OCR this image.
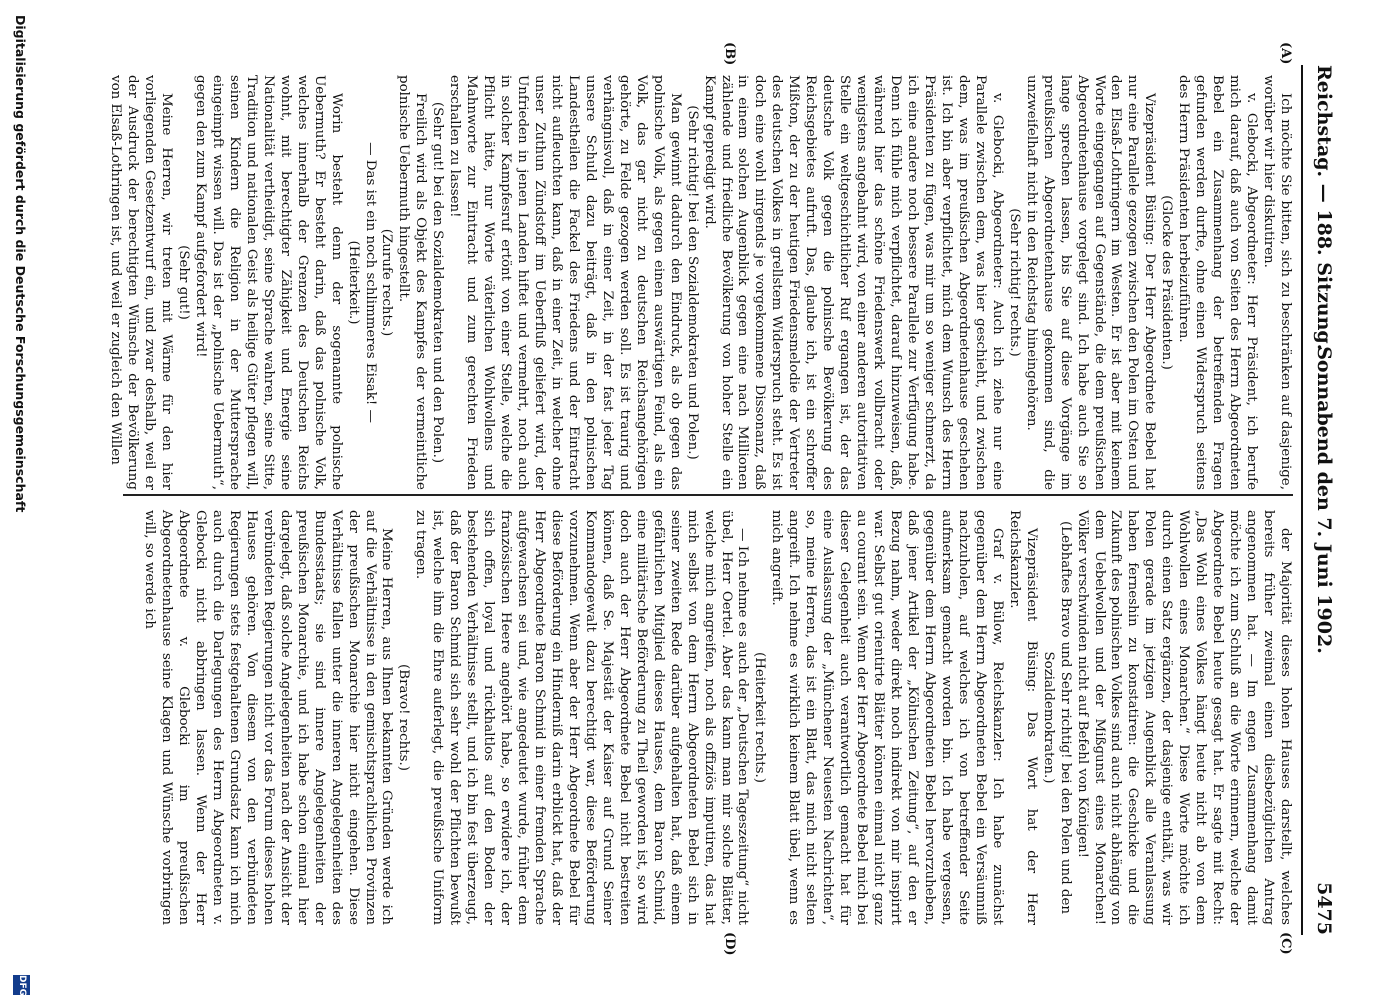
Reichstag. — 188. Sitzung.
Sonnabend den 7. Juni 1902.
5475
(A)
(B)
(C)
(D)

Ich möchte Sie bitten, sich zu beschränken auf dasjenige, worüber wir hier diskutiren.

v. Glebocki, Abgeordneter: Herr Präsident, ich berufe mich darauf, daß auch von Seiten des Herrn Abgeordneten Bebel ein Zusammenhang der betreffenden Fragen gefunden werden durfte, ohne einen Widerspruch seitens des Herrn Präsidenten herbeizuführen.

(Glocke des Präsidenten.)

Vizepräsident Büsing: Der Herr Abgeordnete Bebel hat nur eine Parallele gezogen zwischen den Polen im Osten und den Elsaß-Lothringern im Westen. Er ist aber mit keinem Worte eingegangen auf Gegenstände, die dem preußischen Abgeordnetenhause vorgelegt sind. Ich habe auch Sie so lange sprechen lassen, bis Sie auf diese Vorgänge im preußischen Abgeordnetenhause gekommen sind, die unzweifelhaft nicht in den Reichstag hineingehören.

(Sehr richtig! rechts.)

v. Glebocki, Abgeordneter: Auch ich ziehe nur eine Parallele zwischen dem, was hier geschieht, und zwischen dem, was im preußischen Abgeordnetenhause geschehen ist. Ich bin aber verpflichtet, mich dem Wunsch des Herrn Präsidenten zu fügen, was mir um so weniger schmerzt, da ich eine andere noch bessere Parallele zur Verfügung habe. Denn ich fühle mich verpflichtet, darauf hinzuweisen, daß, während hier das schöne Friedenswerk vollbracht oder wenigstens angebahnt wird, von einer anderen autoritativen Stelle ein weltgeschichtlicher Ruf ergangen ist, der das deutsche Volk gegen die polnische Bevölkerung des Reichsgebietes aufruft. Das, glaube ich, ist ein schroffer Mißton, der zu der heutigen Friedensmelodie der Vertreter des deutschen Volkes in grellstem Widerspruch steht. Es ist doch eine wohl nirgends je vorgekommene Dissonanz, daß in einem solchen Augenblick gegen eine nach Millionen zählende und friedliche Bevölkerung von hoher Stelle ein Kampf gepredigt wird.

(Sehr richtig! bei den Sozialdemokraten und Polen.)

Man gewinnt dadurch den Eindruck, als ob gegen das polnische Volk, als gegen einen auswärtigen Feind, als ein Volk, das gar nicht zu deutschen Reichsangehörigen gehörte, zu Felde gezogen werden soll. Es ist traurig und verhängnisvoll, daß in einer Zeit, in der fast jeder Tag unsere Schuld dazu beiträgt, daß in den polnischen Landestheilen die Fackel des Friedens und der Eintracht nicht aufleuchten kann, daß in einer Zeit, in welcher ohne unser Zuthun Zündstoff im Ueberfluß geliefert wird, der Unfrieden in jenen Landen hiftet und vermehrt, noch auch in solcher Kampfesruf ertönt von einer Stelle, welche die Pflicht hätte, nur Worte väterlichen Wohlwollens und Mahnworte zur Eintracht und zum gerechten Frieden erschallen zu lassen!

(Sehr gut! bei den Sozialdemokraten und den Polen.)

Freilich wird als Objekt des Kampfes der vermeintliche polnische Uebermuth hingestellt.

(Zurufe rechts.)

— Das ist ein noch schlimmeres Eisak! —

(Heiterkeit.)

Worin besteht denn der sogenannte polnische Uebermuth? Er besteht darin, daß das polnische Volk, welches innerhalb der Grenzen des Deutschen Reichs wohnt, mit berechtigter Zähigkeit und Energie seine Nationalität vertheidigt, seine Sprache wahren, seine Sitte, Tradition und nationalen Geist als heilige Güter pflegen will, seinen Kindern die Religion in der Muttersprache eingeimpft wissen will. Das ist der „polnische Uebermuth“, gegen den zum Kampf aufgefordert wird!

(Sehr gut!)

Meine Herren, wir treten mit Wärme für den hier vorliegenden Gesetzentwurf ein, und zwar deshalb, weil er der Ausdruck der berechtigten Wünsche der Bevölkerung von Elsaß-Lothringen ist, und weil er zugleich den Willen

der Majorität dieses hohen Hauses darstellt, welches bereits früher zweimal einen diesbezüglichen Antrag angenommen hat. — Im engen Zusammenhang damit möchte ich zum Schluß an die Worte erinnern, welche der Abgeordnete Bebel heute gesagt hat. Er sagte mit Recht: „Das Wohl eines Volkes hängt heute nicht ab von dem Wohlwollen eines Monarchen.“ Diese Worte möchte ich durch einen Satz ergänzen, der dasjenige enthält, was wir Polen gerade im jetzigen Augenblick alle Veranlassung haben ferneshin zu konstatiren: die Geschicke und die Zukunft des polnischen Volkes sind auch nicht abhängig von dem Uebelwollen und der Mißgunst eines Monarchen! Völker verschwinden nicht auf Befehl von Königen!

(Lebhaftes Bravo und Sehr richtig! bei den Polen und den Sozialdemokraten.)

Vizepräsident Büsing: Das Wort hat der Herr Reichskanzler.

Graf v. Bülow, Reichskanzler: Ich habe zunächst gegenüber dem Herrn Abgeordneten Bebel ein Versäumniß nachzuholen, auf welches ich von betreffender Seite aufmerksam gemacht worden bin. Ich habe vergessen, gegenüber dem Herrn Abgeordneten Bebel hervorzuheben, daß jener Artikel der „Kölnischen Zeitung“, auf den er Bezug nahm, weder direkt noch indirekt von mir inspirirt war. Selbst gut orientirte Blätter können einmal nicht ganz au courant sein. Wenn der Herr Abgeordnete Bebel mich bei dieser Gelegenheit auch verantwortlich gemacht hat für eine Auslassung der „Münchener Neuesten Nachrichten“, so, meine Herren, das ist ein Blatt, das mich nicht selten angreift. Ich nehme es wirklich keinem Blatt übel, wenn es mich angreift.

(Heiterkeit rechts.)

— Ich nehme es auch der „Deutschen Tageszeitung“ nicht übel, Herr Oertel. Aber das kann man mir solche Blätter, welche mich angreifen, noch als offiziös imputiren, das hat mich selbst von dem Herrn Abgeordneten Bebel sich in seiner zweiten Rede darüber aufgehalten hat, daß einem gefährlichen Mitglied dieses Hauses, dem Baron Schmid, eine militärische Beförderung zu Theil geworden ist, so wird doch auch der Herr Abgeordnete Bebel nicht bestreiten können, daß Se. Majestät der Kaiser auf Grund Seiner Kommandogewalt dazu berechtigt war, diese Beförderung vorzunehmen. Wenn aber der Herr Abgeordnete Bebel für diese Beförderung ein Hinderniß darin erblickt hat, daß der Herr Abgeordnete Baron Schmid in einer fremden Sprache aufgewachsen sei und, wie angedeutet wurde, früher dem französischen Heere angehört habe, so erwidere ich, der sich offen, loyal und rückhaltlos auf den Boden der bestehenden Verhältnisse stellt, und ich bin fest überzeugt, daß der Baron Schmid sich sehr wohl der Pflichten bewußt ist, welche ihm die Ehre auferlegt, die preußische Uniform zu tragen.

(Bravo! rechts.)

Meine Herren, aus Ihnen bekannten Gründen werde ich auf die Verhältnisse in den gemischtsprachlichen Provinzen der preußischen Monarchie hier nicht eingehen. Diese Verhältnisse fallen unter die inneren Angelegenheiten des Bundesstaats; sie sind innere Angelegenheiten der preußischen Monarchie, und ich habe schon einmal hier dargelegt, daß solche Angelegenheiten nach der Ansicht der verbündeten Regierungen nicht vor das Forum dieses hohen Hauses gehören. Von diesem von den verbündeten Regierungen stets festgehaltenen Grundsatz kann ich mich auch durch die Darlegungen des Herrn Abgeordneten v. Glebocki nicht abbringen lassen. Wenn der Herr Abgeordnete v. Glebocki im preußischen Abgeordnetenhause seine Klagen und Wünsche vorbringen will, so werde ich

Digitalisierung gefördert durch die Deutsche Forschungsgemeinschaft
DFG
